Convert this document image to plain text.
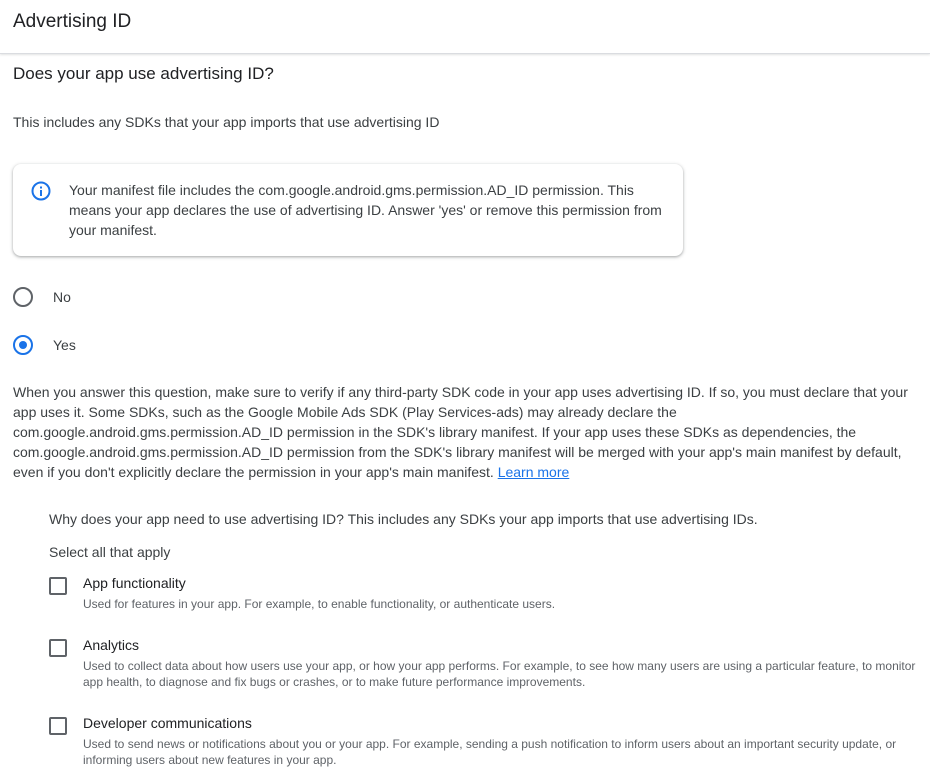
Advertising ID
Does your app use advertising ID?
This includes any SDKs that your app imports that use advertising ID
Your manifest file includes the com.google.android.gms.permission.AD_ID permission. This means your app declares the use of advertising ID. Answer 'yes' or remove this permission from your manifest.
No
Yes
When you answer this question, make sure to verify if any third-party SDK code in your app uses advertising ID. If so, you must declare that your app uses it. Some SDKs, such as the Google Mobile Ads SDK (Play Services-ads) may already declare the com.google.android.gms.permission.AD_ID permission in the SDK's library manifest. If your app uses these SDKs as dependencies, the com.google.android.gms.permission.AD_ID permission from the SDK's library manifest will be merged with your app's main manifest by default, even if you don't explicitly declare the permission in your app's main manifest. Learn more
Why does your app need to use advertising ID? This includes any SDKs your app imports that use advertising IDs.
Select all that apply
App functionality
Used for features in your app. For example, to enable functionality, or authenticate users.
Analytics
Used to collect data about how users use your app, or how your app performs. For example, to see how many users are using a particular feature, to monitor app health, to diagnose and fix bugs or crashes, or to make future performance improvements.
Developer communications
Used to send news or notifications about you or your app. For example, sending a push notification to inform users about an important security update, or informing users about new features in your app.
